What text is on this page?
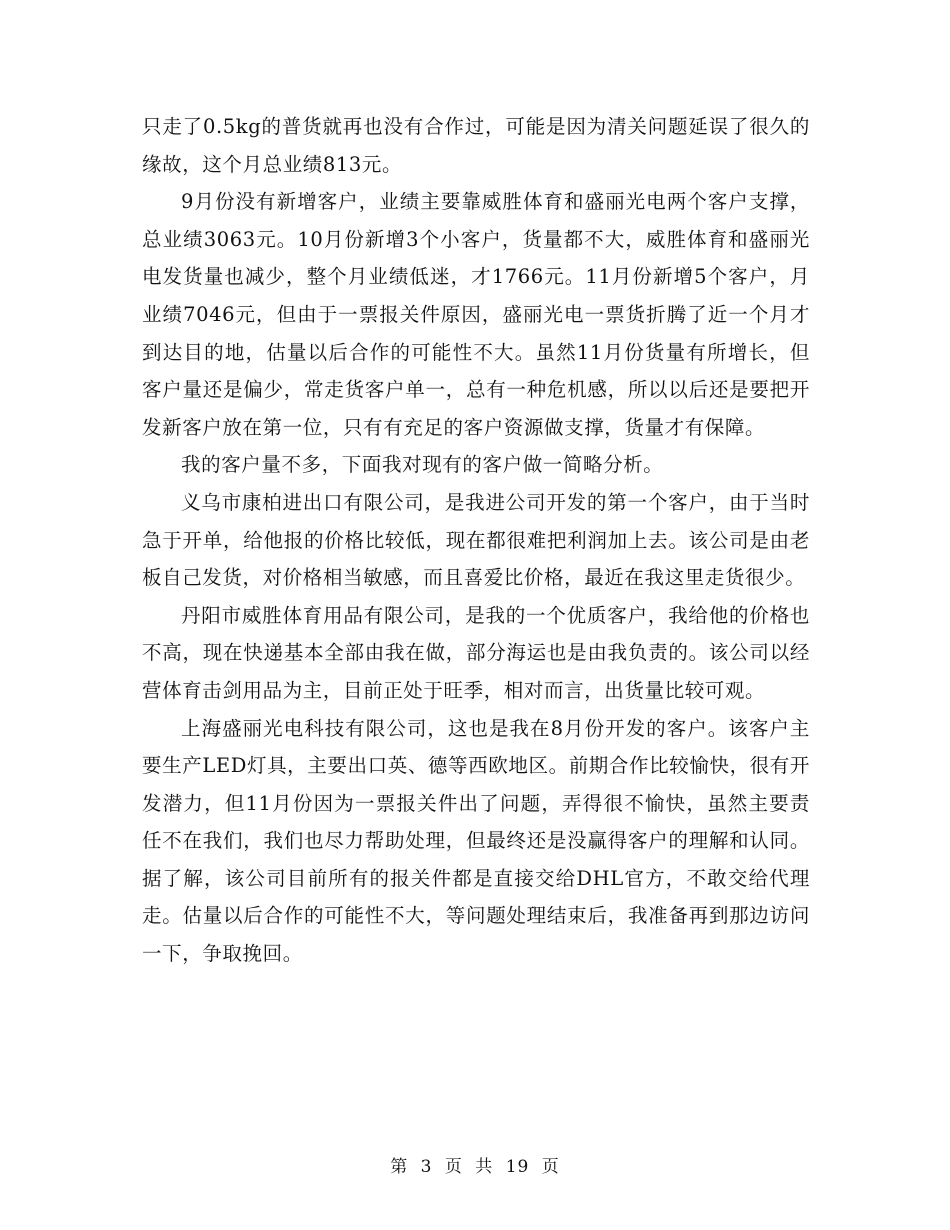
只走了0.5kg的普货就再也没有合作过，可能是因为清关问题延误了很久的缘故，这个月总业绩813元。

9月份没有新增客户，业绩主要靠威胜体育和盛丽光电两个客户支撑，总业绩3063元。10月份新增3个小客户，货量都不大，威胜体育和盛丽光电发货量也减少，整个月业绩低迷，才1766元。11月份新增5个客户，月业绩7046元，但由于一票报关件原因，盛丽光电一票货折腾了近一个月才到达目的地，估量以后合作的可能性不大。虽然11月份货量有所增长，但客户量还是偏少，常走货客户单一，总有一种危机感，所以以后还是要把开发新客户放在第一位，只有有充足的客户资源做支撑，货量才有保障。

我的客户量不多，下面我对现有的客户做一简略分析。

义乌市康柏进出口有限公司，是我进公司开发的第一个客户，由于当时急于开单，给他报的价格比较低，现在都很难把利润加上去。该公司是由老板自己发货，对价格相当敏感，而且喜爱比价格，最近在我这里走货很少。

丹阳市威胜体育用品有限公司，是我的一个优质客户，我给他的价格也不高，现在快递基本全部由我在做，部分海运也是由我负责的。该公司以经营体育击剑用品为主，目前正处于旺季，相对而言，出货量比较可观。

上海盛丽光电科技有限公司，这也是我在8月份开发的客户。该客户主要生产LED灯具，主要出口英、德等西欧地区。前期合作比较愉快，很有开发潜力，但11月份因为一票报关件出了问题，弄得很不愉快，虽然主要责任不在我们，我们也尽力帮助处理，但最终还是没赢得客户的理解和认同。据了解，该公司目前所有的报关件都是直接交给DHL官方，不敢交给代理走。估量以后合作的可能性不大，等问题处理结束后，我准备再到那边访问一下，争取挽回。

第 3 页 共 19 页
